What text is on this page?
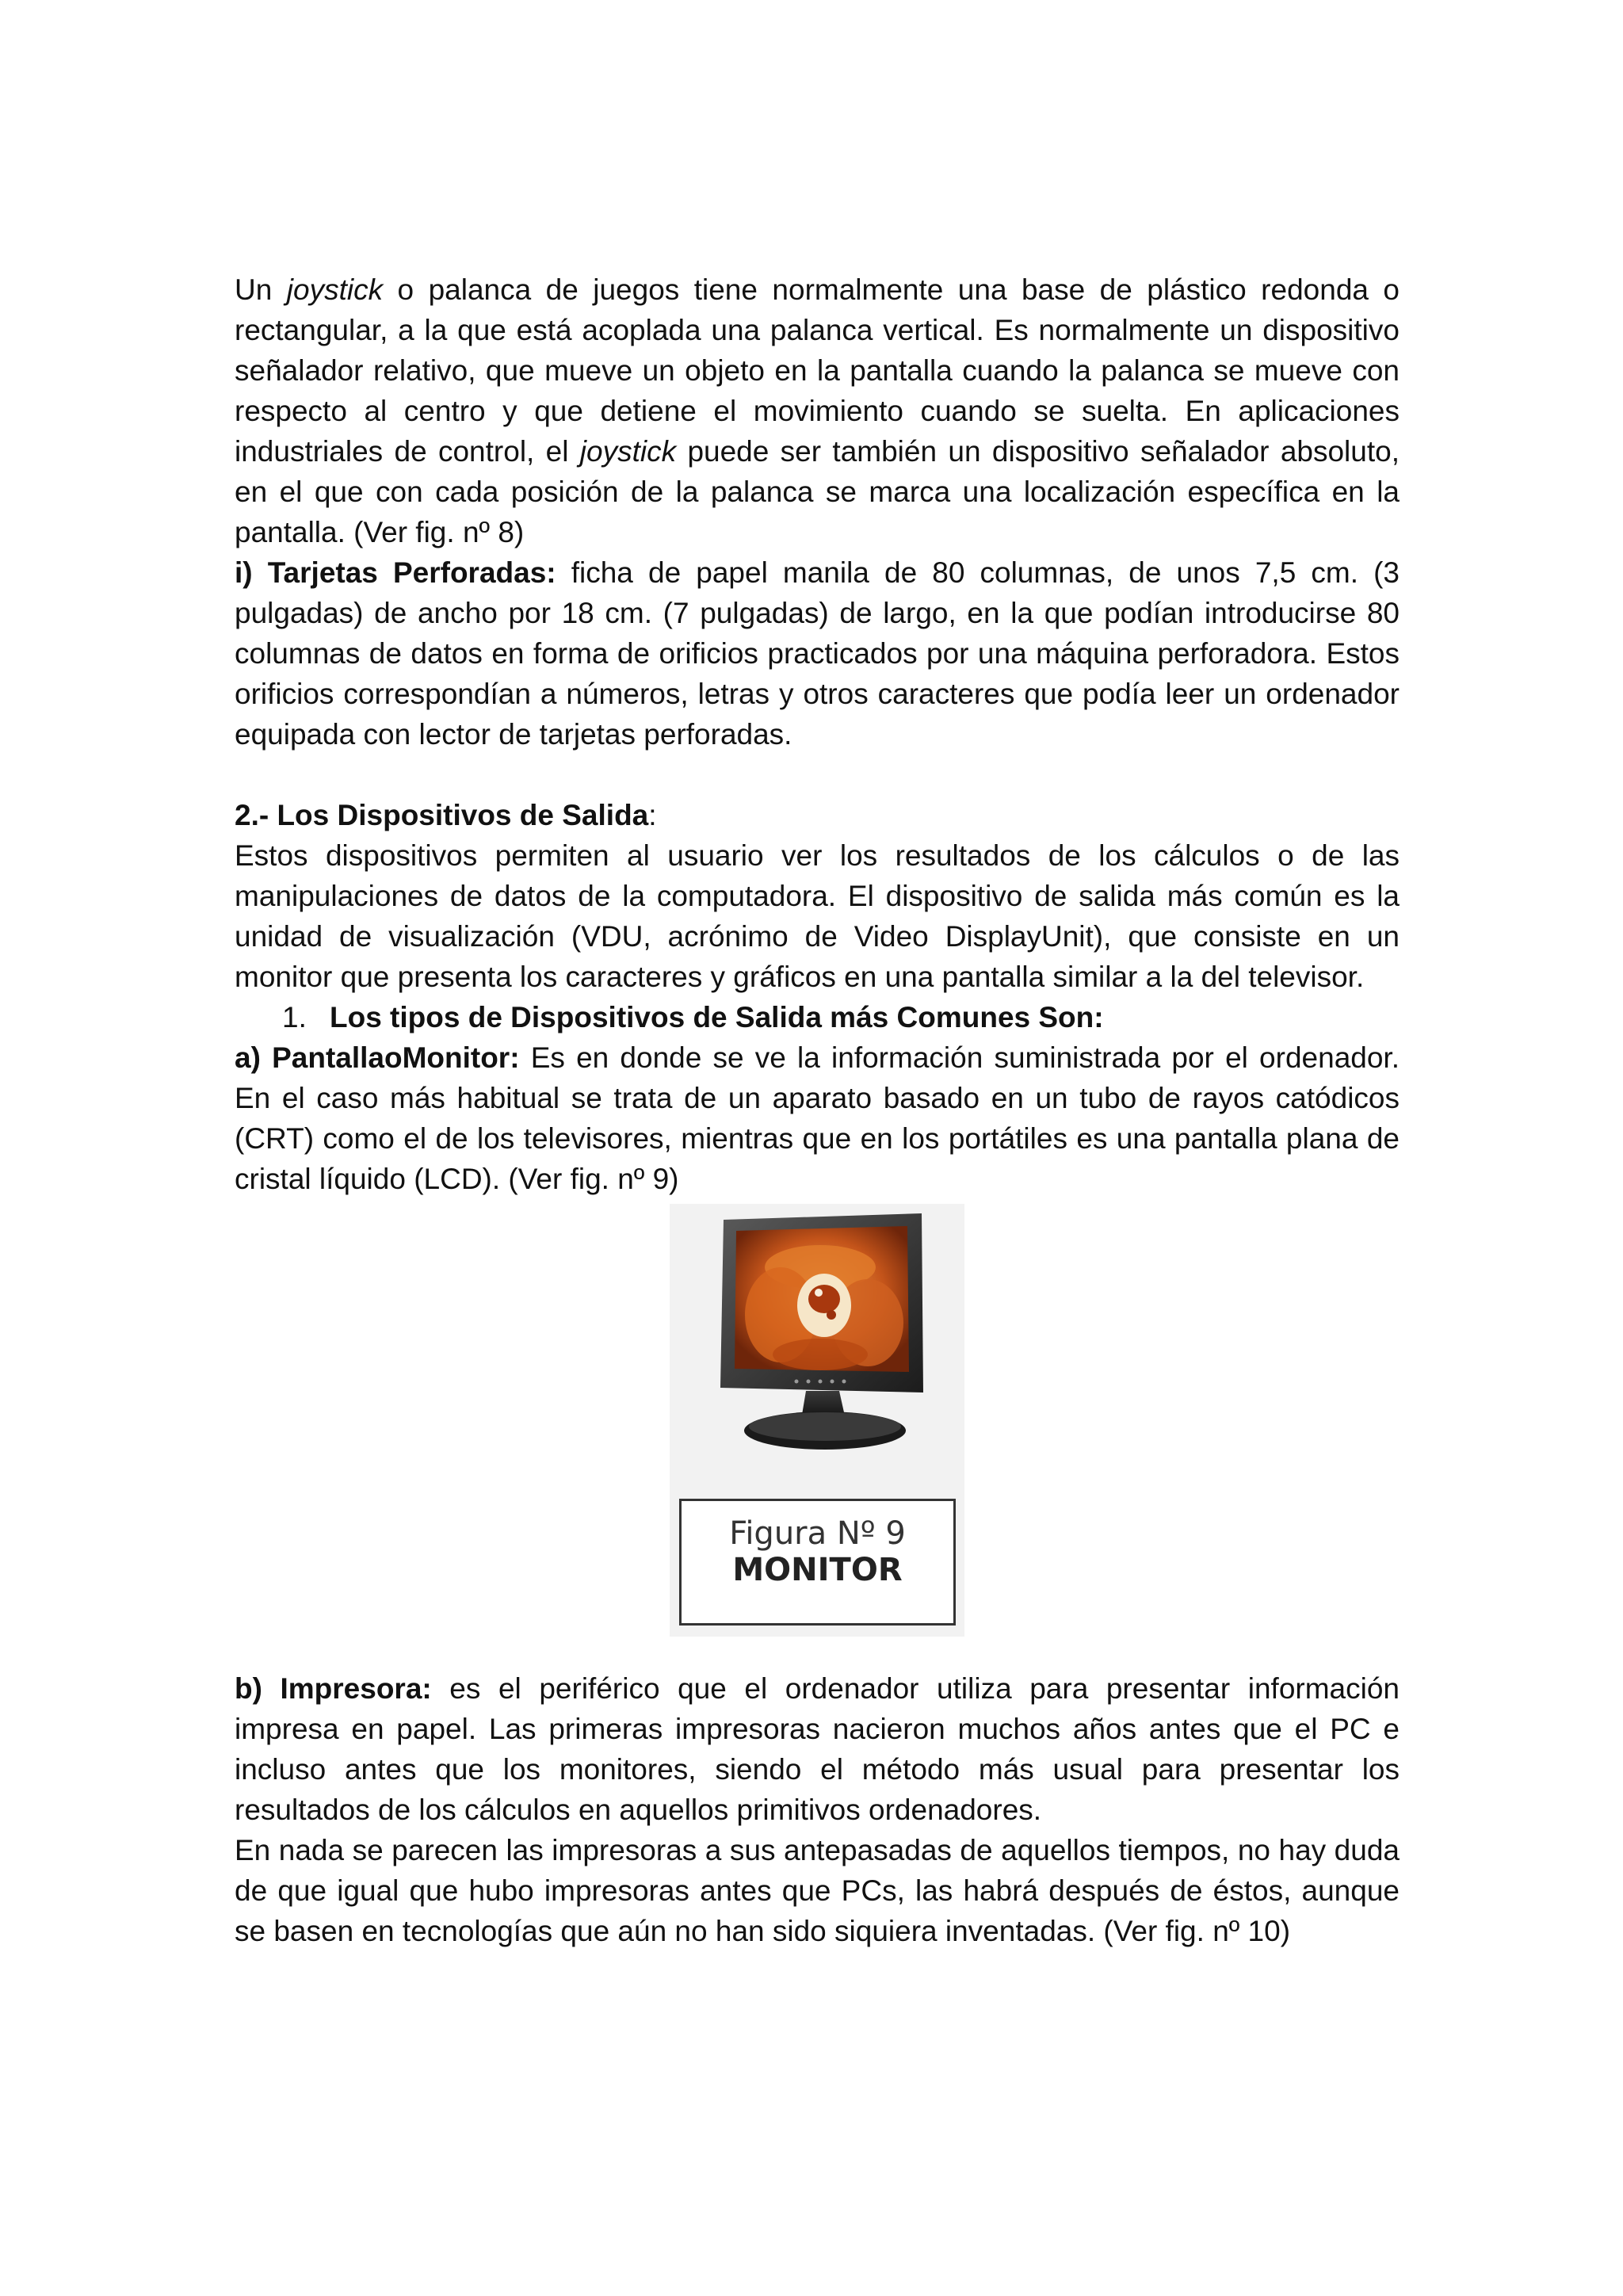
Un joystick o palanca de juegos tiene normalmente una base de plástico redonda o rectangular, a la que está acoplada una palanca vertical. Es normalmente un dispositivo señalador relativo, que mueve un objeto en la pantalla cuando la palanca se mueve con respecto al centro y que detiene el movimiento cuando se suelta. En aplicaciones industriales de control, el joystick puede ser también un dispositivo señalador absoluto, en el que con cada posición de la palanca se marca una localización específica en la pantalla. (Ver fig. nº 8)

i) Tarjetas Perforadas: ficha de papel manila de 80 columnas, de unos 7,5 cm. (3 pulgadas) de ancho por 18 cm. (7 pulgadas) de largo, en la que podían introducirse 80 columnas de datos en forma de orificios practicados por una máquina perforadora. Estos orificios correspondían a números, letras y otros caracteres que podía leer un ordenador equipada con lector de tarjetas perforadas.

2.- Los Dispositivos de Salida:

Estos dispositivos permiten al usuario ver los resultados de los cálculos o de las manipulaciones de datos de la computadora. El dispositivo de salida más común es la unidad de visualización (VDU, acrónimo de Video DisplayUnit), que consiste en un monitor que presenta los caracteres y gráficos en una pantalla similar a la del televisor.

1. Los tipos de Dispositivos de Salida más Comunes Son:

a) PantallaoMonitor: Es en donde se ve la información suministrada por el ordenador. En el caso más habitual se trata de un aparato basado en un tubo de rayos catódicos (CRT) como el de los televisores, mientras que en los portátiles es una pantalla plana de cristal líquido (LCD). (Ver fig. nº 9)

Figura Nº 9
MONITOR

b) Impresora: es el periférico que el ordenador utiliza para presentar información impresa en papel. Las primeras impresoras nacieron muchos años antes que el PC e incluso antes que los monitores, siendo el método más usual para presentar los resultados de los cálculos en aquellos primitivos ordenadores.

En nada se parecen las impresoras a sus antepasadas de aquellos tiempos, no hay duda de que igual que hubo impresoras antes que PCs, las habrá después de éstos, aunque se basen en tecnologías que aún no han sido siquiera inventadas. (Ver fig. nº 10)
